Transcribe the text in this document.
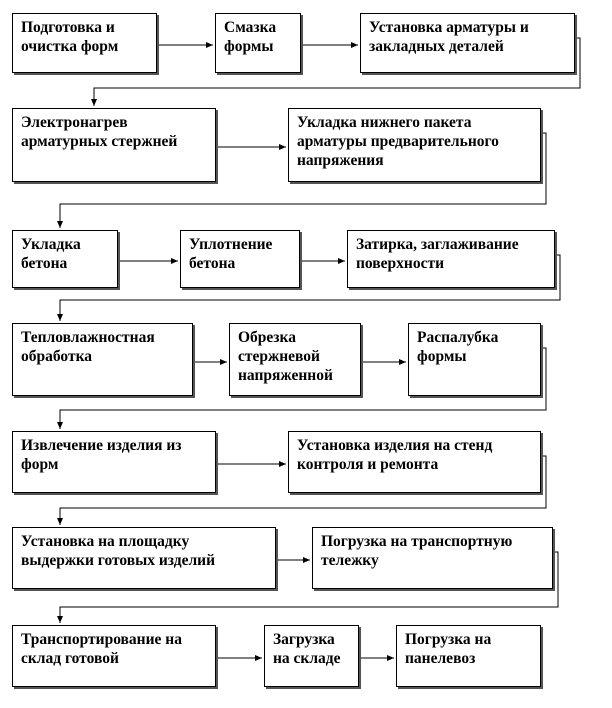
Подготовка и
очистка форм
Смазка
формы
Установка арматуры и
закладных деталей
Электронагрев
арматурных стержней
Укладка нижнего пакета
арматуры предварительного
напряжения
Укладка
бетона
Уплотнение
бетона
Затирка, заглаживание
поверхности
Тепловлажностная
обработка
Обрезка
стержневой
напряженной
Распалубка
формы
Извлечение изделия из
форм
Установка изделия на стенд
контроля и ремонта
Установка на площадку
выдержки готовых изделий
Погрузка на транспортную
тележку
Транспортирование на
склад готовой
Загрузка
на складе
Погрузка на
панелевоз
